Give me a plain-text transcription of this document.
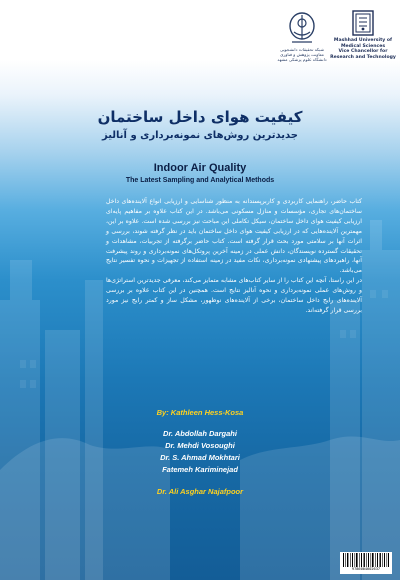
شبکه تحقیقات دانشجویی
معاونت پژوهش و فناوری
دانشگاه علوم پزشکی مشهد
Mashhad University of
Medical Sciences
Vice Chancellor for
Research and Technology
کیفیت هوای داخل ساختمان
جدیدترین روش‌های نمونه‌برداری و آنالیز
Indoor Air Quality
The Latest Sampling and Analytical Methods

کتاب حاضر، راهنمایی کاربردی و کاربرپسندانه به منظور شناسایی و ارزیابی انواع آلاینده‌های داخل ساختمان‌های تجاری، مؤسسات و منازل مسکونی می‌باشد. در این کتاب علاوه بر مفاهیم پایه‌ای ارزیابی کیفیت هوای داخل ساختمان، سیکل تکاملی این مباحث نیز بررسی شده است. علاوه بر این، مهمترین آلاینده‌هایی که در ارزیابی کیفیت هوای داخل ساختمان باید در نظر گرفته شوند، بررسی و اثرات آنها بر سلامتی مورد بحث قرار گرفته است. کتاب حاضر برگرفته از تجربیات، مشاهدات و تحقیقات گسترده نویسندگان، دانش عملی در زمینه آخرین پروتکل‌های نمونه‌برداری و روند پیشرفت آنها، راهبردهای پیشنهادی نمونه‌برداری، نکات مفید در زمینه استفاده از تجهیزات و نحوه تفسیر نتایج می‌باشد.

در این راستا، آنچه این کتاب را از سایر کتاب‌های مشابه متمایز می‌کند، معرفی جدیدترین استراتژی‌ها و روش‌های عملی نمونه‌برداری و نحوه آنالیز نتایج است. همچنین در این کتاب علاوه بر بررسی آلاینده‌های رایج داخل ساختمان، برخی از آلاینده‌های نوظهور، مشکل ساز و کمتر رایج نیز مورد بررسی قرار گرفته‌اند.

By: Kathleen Hess-Kosa
Dr. Abdollah Dargahi
Dr. Mehdi Vosoughi
Dr. S. Ahmad Mokhtari
Fatemeh Kariminejad
Dr. Ali Asghar Najafpoor
9786004602637
